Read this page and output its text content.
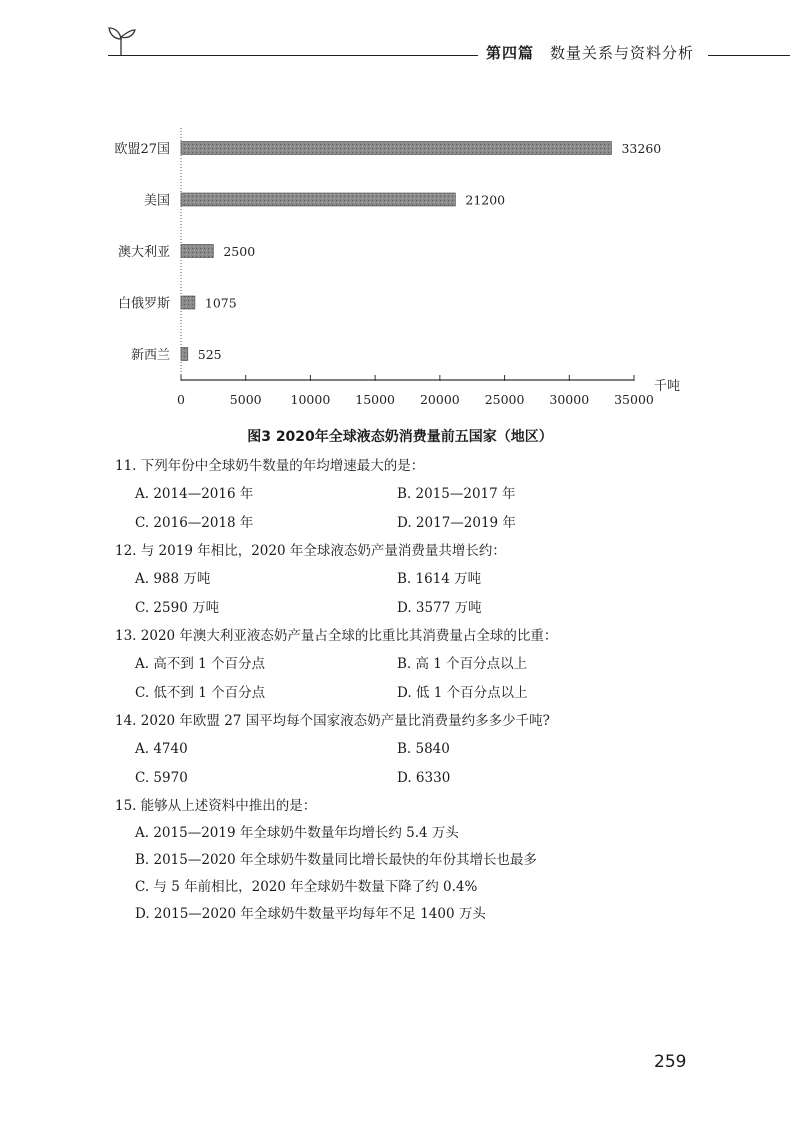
第四篇 数量关系与资料分析
欧盟27国	33260
美国	21200
澳大利亚	2500
白俄罗斯	1075
新西兰 525
0	5000 10000 15000 20000 25000 30000 35000
千吨
图3 2020年全球液态奶消费量前五国家（地区）
11. 下列年份中全球奶牛数量的年均增速最大的是：
A. 2014—2016 年	B. 2015—2017 年
C. 2016—2018 年	D. 2017—2019 年
12. 与 2019 年相比，2020 年全球液态奶产量消费量共增长约：
A. 988 万吨	B. 1614 万吨
C. 2590 万吨	D. 3577 万吨
13. 2020 年澳大利亚液态奶产量占全球的比重比其消费量占全球的比重：
A. 高不到 1 个百分点	B. 高 1 个百分点以上
C. 低不到 1 个百分点	D. 低 1 个百分点以上
14. 2020 年欧盟 27 国平均每个国家液态奶产量比消费量约多多少千吨?
A. 4740	B. 5840
C. 5970	D. 6330
15. 能够从上述资料中推出的是：
A. 2015—2019 年全球奶牛数量年均增长约 5.4 万头
B. 2015—2020 年全球奶牛数量同比增长最快的年份其增长也最多
C. 与 5 年前相比，2020 年全球奶牛数量下降了约 0.4%
D. 2015—2020 年全球奶牛数量平均每年不足 1400 万头
259
